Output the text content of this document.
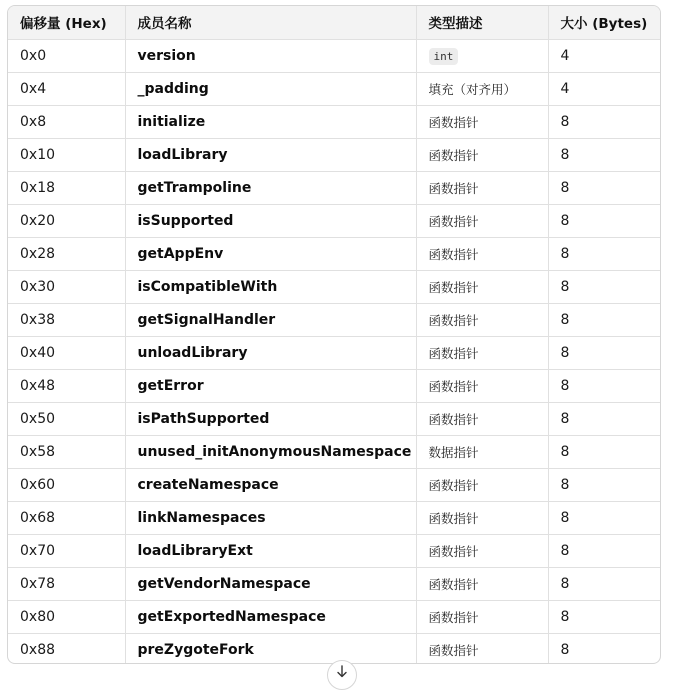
偏移量 (Hex)	成员名称	类型描述	大小 (Bytes)
0x0	version	int	4
0x4	_padding	填充（对齐用）	4
0x8	initialize	函数指针	8
0x10	loadLibrary	函数指针	8
0x18	getTrampoline	函数指针	8
0x20	isSupported	函数指针	8
0x28	getAppEnv	函数指针	8
0x30	isCompatibleWith	函数指针	8
0x38	getSignalHandler	函数指针	8
0x40	unloadLibrary	函数指针	8
0x48	getError	函数指针	8
0x50	isPathSupported	函数指针	8
0x58	unused_initAnonymousNamespace	数据指针	8
0x60	createNamespace	函数指针	8
0x68	linkNamespaces	函数指针	8
0x70	loadLibraryExt	函数指针	8
0x78	getVendorNamespace	函数指针	8
0x80	getExportedNamespace	函数指针	8
0x88	preZygoteFork	函数指针	8
